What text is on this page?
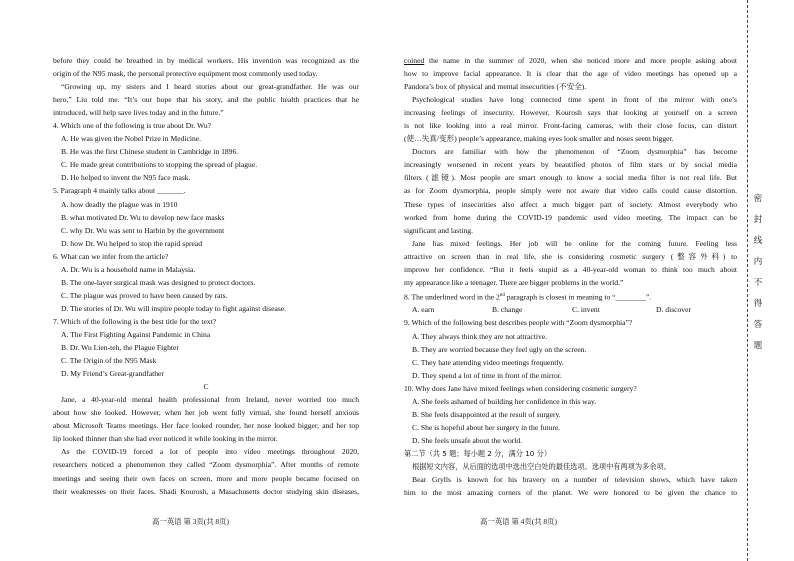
before they could be breathed in by medical workers. His invention was recognized as the

origin of the N95 mask, the personal protective equipment most commonly used today.

“Growing up, my sisters and I heard stories about our great-grandfather. He was our

hero,” Liu told me. “It’s our hope that his story, and the public health practices that he

introduced, will help save lives today and in the future.”

4. Which one of the following is true about Dr. Wu?

A. He was given the Nobel Prize in Medicine.

B. He was the first Chinese student in Cambridge in 1896.

C. He made great contributions to stopping the spread of plague.

D. He helped to invent the N95 face mask.

5. Paragraph 4 mainly talks about _______.

A. how deadly the plague was in 1910

B. what motivated Dr. Wu to develop new face masks

C. why Dr. Wu was sent to Harbin by the government

D. how Dr. Wu helped to stop the rapid spread

6. What can we infer from the article?

A. Dr. Wu is a household name in Malaysia.

B. The one-layer surgical mask was designed to protect doctors.

C. The plague was proved to have been caused by rats.

D. The stories of Dr. Wu will inspire people today to fight against disease.

7. Which of the following is the best title for the text?

A. The First Fighting Against Pandemic in China

B. Dr. Wu Lien-teh, the Plague Fighter

C. The Origin of the N95 Mask

D. My Friend’s Great-grandfather

C

Jane, a 40-year-old mental health professional from Ireland, never worried too much

about how she looked. However, when her job went fully virtual, she found herself anxious

about Microsoft Teams meetings. Her face looked rounder, her nose looked bigger, and her top

lip looked thinner than she had ever noticed it while looking in the mirror.

As the COVID-19 forced a lot of people into video meetings throughout 2020,

researchers noticed a phenomenon they called “Zoom dysmorphia”. After months of remote

meetings and seeing their own faces on screen, more and more people became focused on

their weaknesses on their faces. Shadi Kourosh, a Masachusetts doctor studying skin diseases,

coined the name in the summer of 2020, when she noticed more and more people asking about

how to improve facial appearance. It is clear that the age of video meetings has opened up a

Pandora’s box of physical and mental insecurities (不安全).

Psychological studies have long connected time spent in front of the mirror with one’s

increasing feelings of insecurity. However, Kourosh says that looking at yourself on a screen

is not like looking into a real mirror. Front-facing cameras, with their close focus, can distort

(使…失真/变形) people’s appearance, making eyes look smaller and noses seem bigger.

Doctors are familiar with how the phenomenon of “Zoom dysmorphia” has become

increasingly worsened in recent years by beautified photos of film stars or by social media

filters (滤镜). Most people are smart enough to know a social media filter is not real life. But

as for Zoom dysmorphia, people simply were not aware that video calls could cause distortion.

These types of insecurities also affect a much bigger part of society. Almost everybody who

worked from home during the COVID-19 pandemic used video meeting. The impact can be

significant and lasting.

Jane has mixed feelings. Her job will be online for the coming future. Feeling less

attractive on screen than in real life, she is considering cosmetic surgery (整容外科) to

improve her confidence. “But it feels stupid as a 40-year-old woman to think too much about

my appearance like a teenager. There are bigger problems in the world.”

8. The underlined word in the 2nd paragraph is closest in meaning to “________”.

A. earn	B. change	C. invent	D. discover

9. Which of the following best describes people with “Zoom dysmorphia”?

A. They always think they are not attractive.

B. They are worried because they feel ugly on the screen.

C. They hate attending video meetings frequently.

D. They spend a lot of time in front of the mirror.

10. Why does Jane have mixed feelings when considering cosmetic surgery?

A. She feels ashamed of building her confidence in this way.

B. She feels disappointed at the result of surgery.

C. She is hopeful about her surgery in the future.

D. She feels unsafe about the world.

第二节（共 5 题；每小题 2 分，满分 10 分）

根据短文内容，从后面的选项中选出空白处的最佳选项。选项中有两项为多余项。

Bear Grylls is known for his bravery on a number of television shows, which have taken

him to the most amazing corners of the planet. We were honored to be given the chance to

高一英语 第 3页(共 8页)	高一英语 第 4页(共 8页)
密
封
线
内
不
得
答
题
